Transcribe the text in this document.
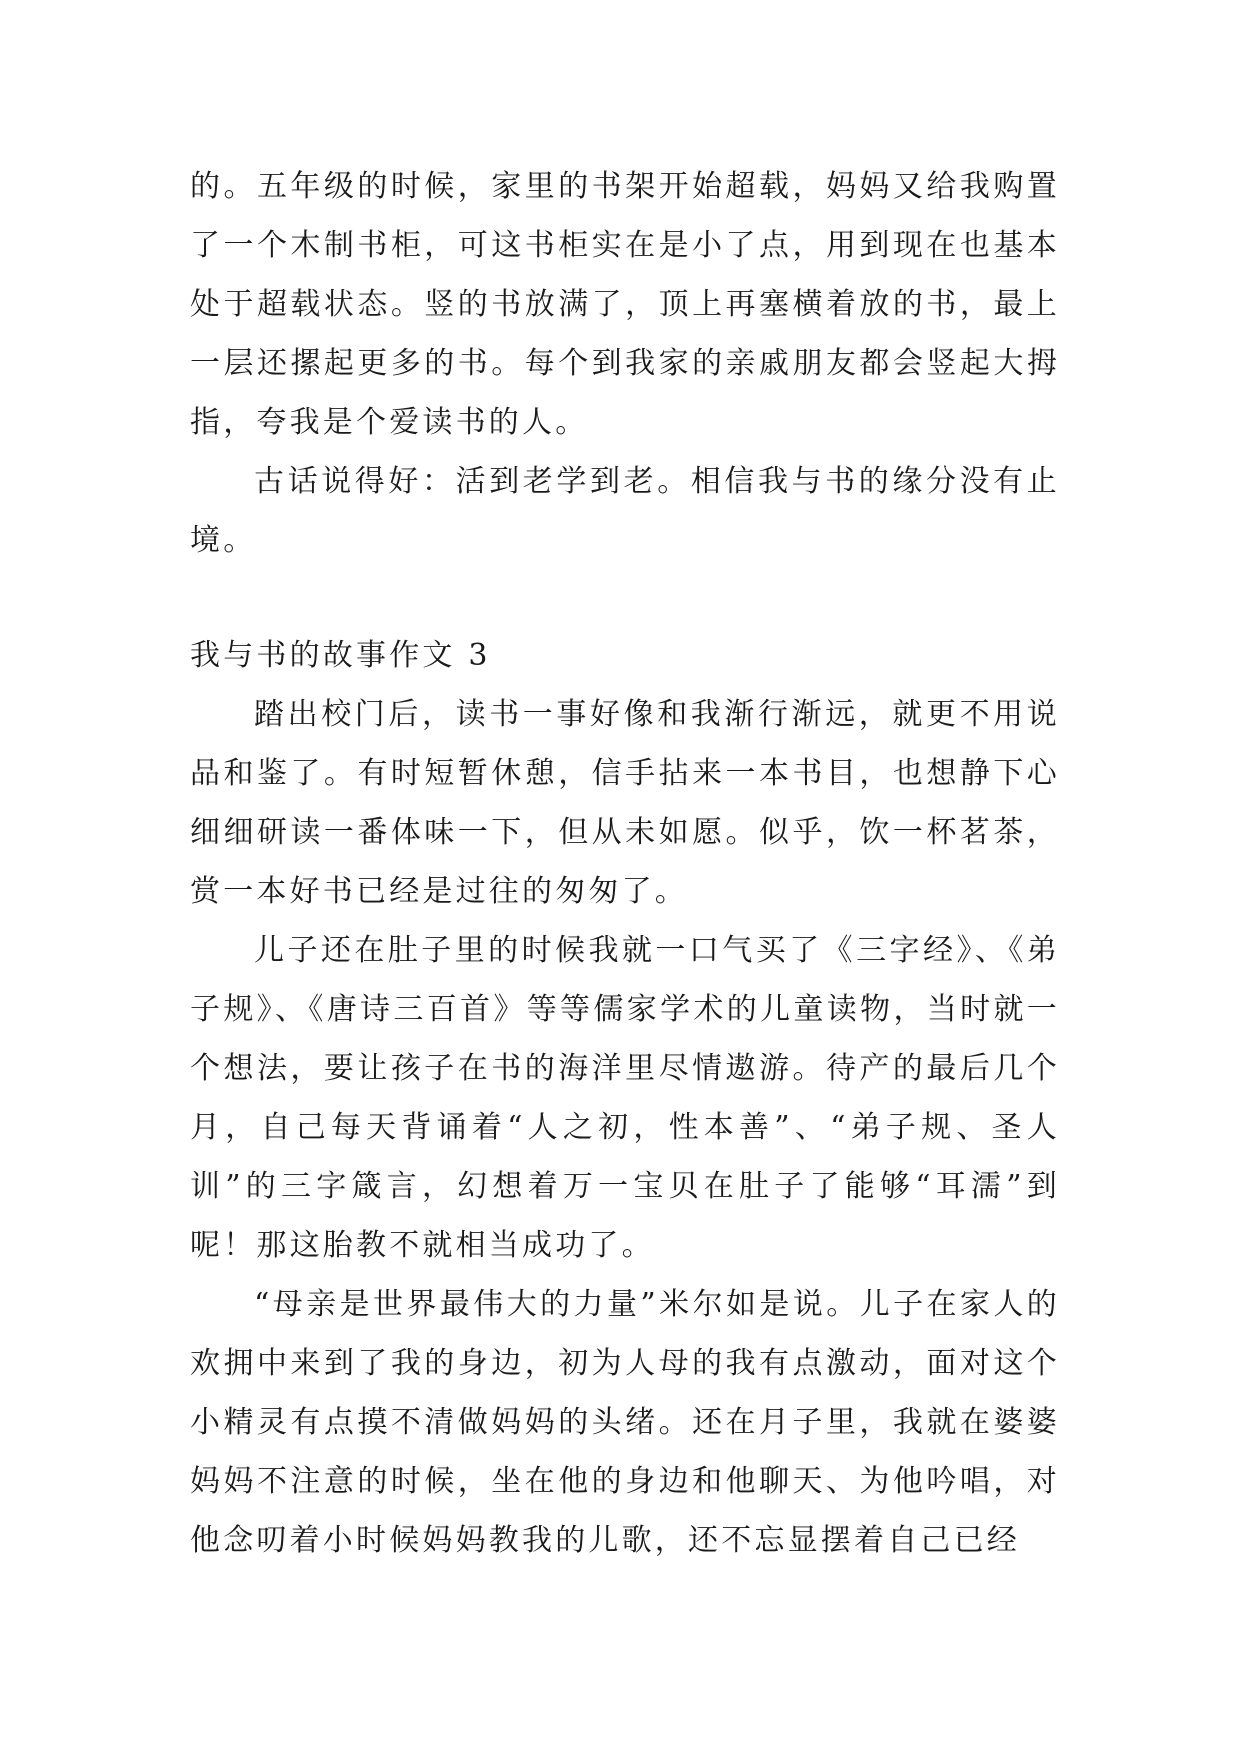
的。五年级的时候，家里的书架开始超载，妈妈又给我购置了一个木制书柜，可这书柜实在是小了点，用到现在也基本处于超载状态。竖的书放满了，顶上再塞横着放的书，最上一层还摞起更多的书。每个到我家的亲戚朋友都会竖起大拇指，夸我是个爱读书的人。

古话说得好：活到老学到老。相信我与书的缘分没有止境。

我与书的故事作文 3

踏出校门后，读书一事好像和我渐行渐远，就更不用说品和鉴了。有时短暂休憩，信手拈来一本书目，也想静下心细细研读一番体味一下，但从未如愿。似乎，饮一杯茗茶，赏一本好书已经是过往的匆匆了。

儿子还在肚子里的时候我就一口气买了《三字经》、《弟子规》、《唐诗三百首》等等儒家学术的儿童读物，当时就一个想法，要让孩子在书的海洋里尽情遨游。待产的最后几个月，自己每天背诵着“人之初，性本善”、“弟子规、圣人训”的三字箴言，幻想着万一宝贝在肚子了能够“耳濡”到呢！那这胎教不就相当成功了。

“母亲是世界最伟大的力量”米尔如是说。儿子在家人的欢拥中来到了我的身边，初为人母的我有点激动，面对这个小精灵有点摸不清做妈妈的头绪。还在月子里，我就在婆婆妈妈不注意的时候，坐在他的身边和他聊天、为他吟唱，对他念叨着小时候妈妈教我的儿歌，还不忘显摆着自己已经
